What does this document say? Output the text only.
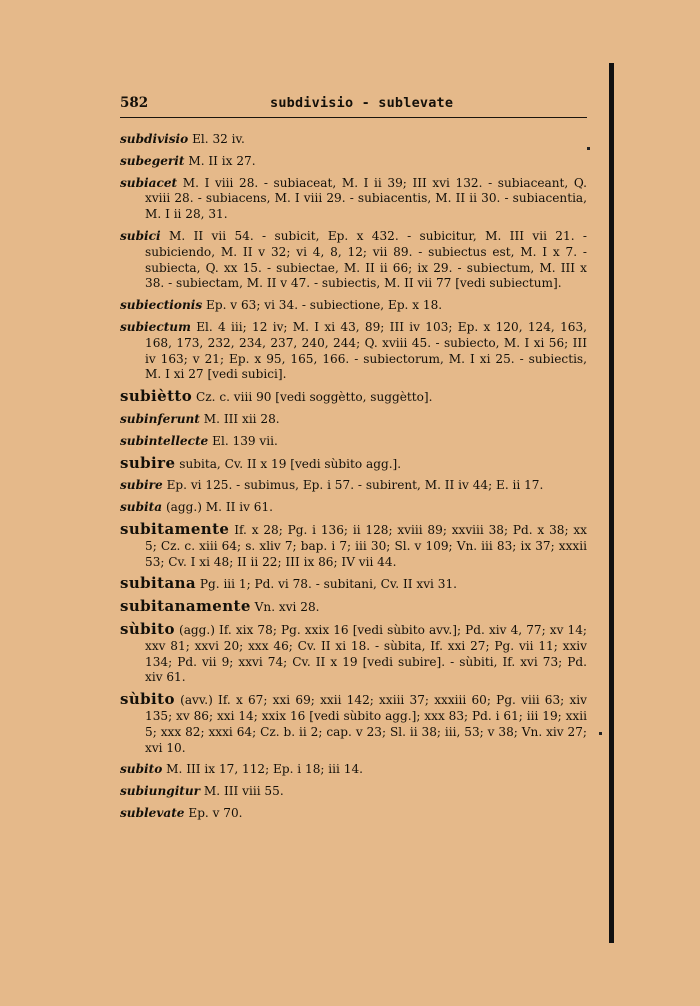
582	subdivisio - sublevate
subdivisio El. 32 iv.
subegerit M. II ix 27.
subiacet M. I viii 28. - subiaceat, M. I ii 39; III xvi 132. - subiaceant, Q. xviii 28. - subiacens, M. I viii 29. - subiacentis, M. II ii 30. - subiacentia, M. I ii 28, 31.
subici M. II vii 54. - subicit, Ep. x 432. - subicitur, M. III vii 21. - subiciendo, M. II v 32; vi 4, 8, 12; vii 89. - subiectus est, M. I x 7. - subiecta, Q. xx 15. - subiectae, M. II ii 66; ix 29. - subiectum, M. III x 38. - subiectam, M. II v 47. - subiectis, M. II vii 77 [vedi subiectum].
subiectionis Ep. v 63; vi 34. - subiectione, Ep. x 18.
subiectum El. 4 iii; 12 iv; M. I xi 43, 89; III iv 103; Ep. x 120, 124, 163, 168, 173, 232, 234, 237, 240, 244; Q. xviii 45. - subiecto, M. I xi 56; III iv 163; v 21; Ep. x 95, 165, 166. - subiectorum, M. I xi 25. - subiectis, M. I xi 27 [vedi subici].
subiètto Cz. c. viii 90 [vedi soggètto, suggètto].
subinferunt M. III xii 28.
subintellecte El. 139 vii.
subire subita, Cv. II x 19 [vedi sùbito agg.].
subire Ep. vi 125. - subimus, Ep. i 57. - subirent, M. II iv 44; E. ii 17.
subita (agg.) M. II iv 61.
subitamente If. x 28; Pg. i 136; ii 128; xviii 89; xxviii 38; Pd. x 38; xx 5; Cz. c. xiii 64; s. xliv 7; bap. i 7; iii 30; Sl. v 109; Vn. iii 83; ix 37; xxxii 53; Cv. I xi 48; II ii 22; III ix 86; IV vii 44.
subitana Pg. iii 1; Pd. vi 78. - subitani, Cv. II xvi 31.
subitanamente Vn. xvi 28.
sùbito (agg.) If. xix 78; Pg. xxix 16 [vedi sùbito avv.]; Pd. xiv 4, 77; xv 14; xxv 81; xxvi 20; xxx 46; Cv. II xi 18. - sùbita, If. xxi 27; Pg. vii 11; xxiv 134; Pd. vii 9; xxvi 74; Cv. II x 19 [vedi subire]. - sùbiti, If. xvi 73; Pd. xiv 61.
sùbito (avv.) If. x 67; xxi 69; xxii 142; xxiii 37; xxxiii 60; Pg. viii 63; xiv 135; xv 86; xxi 14; xxix 16 [vedi sùbito agg.]; xxx 83; Pd. i 61; iii 19; xxii 5; xxx 82; xxxi 64; Cz. b. ii 2; cap. v 23; Sl. ii 38; iii, 53; v 38; Vn. xiv 27; xvi 10.
subito M. III ix 17, 112; Ep. i 18; iii 14.
subiungitur M. III viii 55.
sublevate Ep. v 70.
